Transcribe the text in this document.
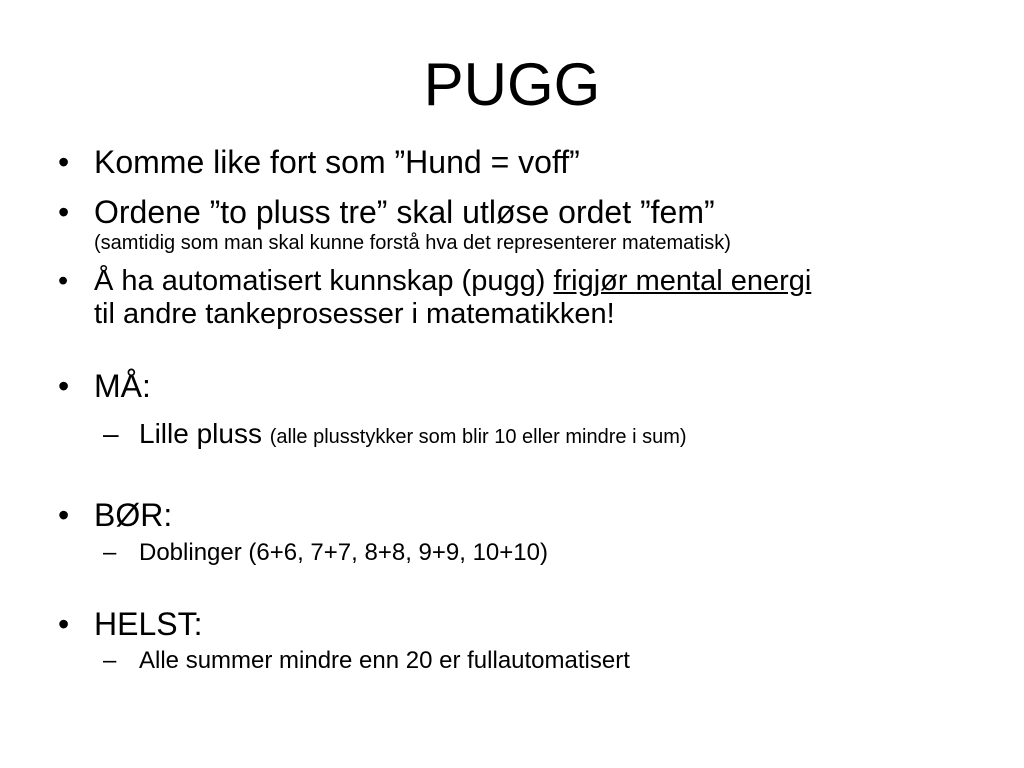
PUGG
• Komme like fort som ”Hund = voff”
• Ordene ”to pluss tre” skal utløse ordet ”fem”
(samtidig som man skal kunne forstå hva det representerer matematisk)
• Å ha automatisert kunnskap (pugg) frigjør mental energi
til andre tankeprosesser i matematikken!
• MÅ:
– Lille pluss (alle plusstykker som blir 10 eller mindre i sum)
• BØR:
– Doblinger (6+6, 7+7, 8+8, 9+9, 10+10)
• HELST:
– Alle summer mindre enn 20 er fullautomatisert
